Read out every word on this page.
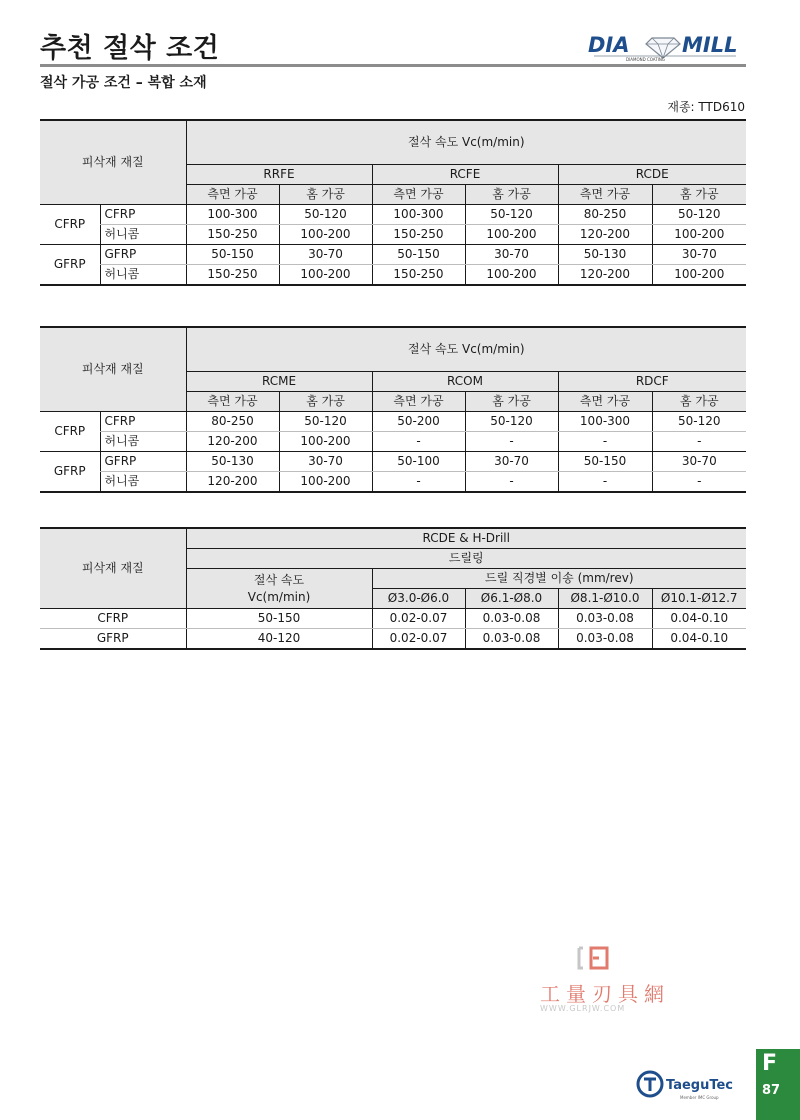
추천 절삭 조건	DIA	MILL
DIAMOND COATING
절삭 가공 조건 – 복합 소재
재종: TTD610
피삭재 재질		절삭 속도 Vc(m/min)					
		RRFE		RCFE		RCDE	
		측면 가공	홈 가공	측면 가공	홈 가공	측면 가공	홈 가공
CFRP	CFRP	100-300	50-120	100-300	50-120	80-250	50-120
	허니콤	150-250	100-200	150-250	100-200	120-200	100-200
GFRP	GFRP	50-150	30-70	50-150	30-70	50-130	30-70
	허니콤	150-250	100-200	150-250	100-200	120-200	100-200
피삭재 재질		절삭 속도 Vc(m/min)					
		RCME		RCOM		RDCF	
		측면 가공	홈 가공	측면 가공	홈 가공	측면 가공	홈 가공
CFRP	CFRP	80-250	50-120	50-200	50-120	100-300	50-120
	허니콤	120-200	100-200	-	-	-	-
GFRP	GFRP	50-130	30-70	50-100	30-70	50-150	30-70
	허니콤	120-200	100-200	-	-	-	-
피삭재 재질	RCDE & H-Drill				
	드릴링				
	절삭 속도
Vc(m/min)	드릴 직경별 이송 (mm/rev)			
		Ø3.0-Ø6.0	Ø6.1-Ø8.0	Ø8.1-Ø10.0	Ø10.1-Ø12.7
CFRP	50-150	0.02-0.07	0.03-0.08	0.03-0.08	0.04-0.10
GFRP	40-120	0.02-0.07	0.03-0.08	0.03-0.08	0.04-0.10
工量刃具網
WWW.GLRJW.COM
TaeguTec
Member IMC Group
F
87
